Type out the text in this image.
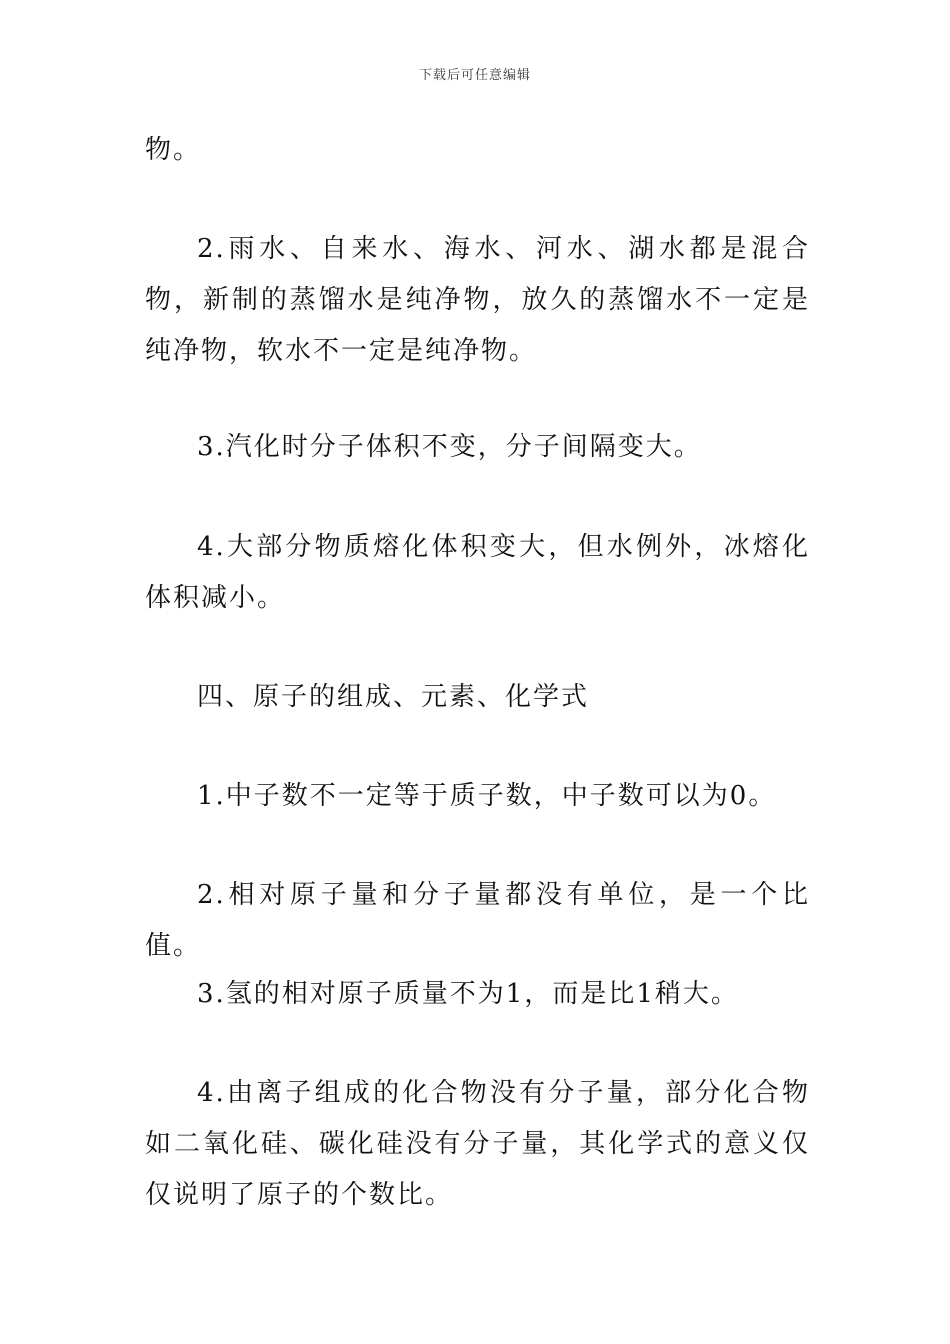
下载后可任意编辑

物。

2.雨水、自来水、海水、河水、湖水都是混合物，新制的蒸馏水是纯净物，放久的蒸馏水不一定是纯净物，软水不一定是纯净物。

3.汽化时分子体积不变，分子间隔变大。

4.大部分物质熔化体积变大，但水例外，冰熔化体积减小。

四、原子的组成、元素、化学式

1.中子数不一定等于质子数，中子数可以为0。

2.相对原子量和分子量都没有单位，是一个比值。

3.氢的相对原子质量不为1，而是比1稍大。

4.由离子组成的化合物没有分子量，部分化合物如二氧化硅、碳化硅没有分子量，其化学式的意义仅仅说明了原子的个数比。
